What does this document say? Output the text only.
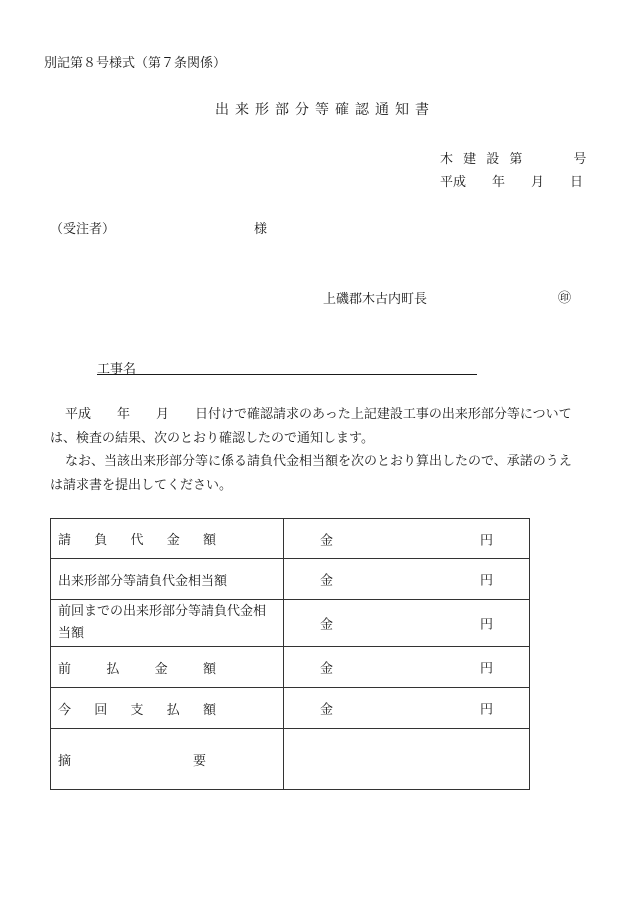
別記第８号様式（第７条関係）
出来形部分等確認通知書
木 建 設 第　　　号
平成　　年　　月　　日
（受注者）	様
上磯郡木古内町長	㊞
工事名
平成　　年　　月　　日付けで確認請求のあった上記建設工事の出来形部分等については、検査の結果、次のとおり確認したので通知します。
なお、当該出来形部分等に係る請負代金相当額を次のとおり算出したので、承諾のうえは請求書を提出してください。
請 負 代 金 額	金 円

出来形部分等請負代金相当額	金 円

前回までの出来形部分等請負代金相当額	金 円

前 払 金 額	金 円

今 回 支 払 額	金 円

摘 要	
